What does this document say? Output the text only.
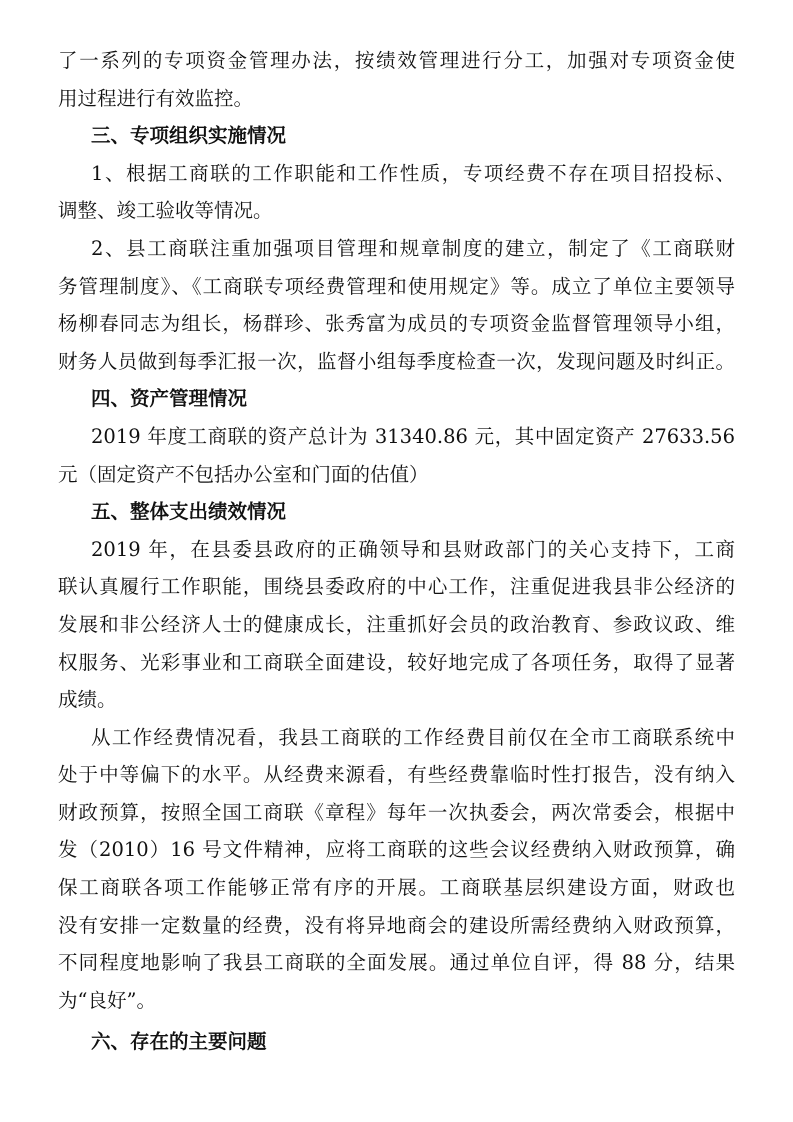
了一系列的专项资金管理办法，按绩效管理进行分工，加强对专项资金使
用过程进行有效监控。
三、专项组织实施情况
1、根据工商联的工作职能和工作性质，专项经费不存在项目招投标、
调整、竣工验收等情况。
2、县工商联注重加强项目管理和规章制度的建立，制定了《工商联财
务管理制度》、《工商联专项经费管理和使用规定》等。成立了单位主要领导
杨柳春同志为组长，杨群珍、张秀富为成员的专项资金监督管理领导小组，
财务人员做到每季汇报一次，监督小组每季度检查一次，发现问题及时纠正。
四、资产管理情况
2019 年度工商联的资产总计为 31340.86 元，其中固定资产 27633.56
元（固定资产不包括办公室和门面的估值）
五、整体支出绩效情况
2019 年，在县委县政府的正确领导和县财政部门的关心支持下，工商
联认真履行工作职能，围绕县委政府的中心工作，注重促进我县非公经济的
发展和非公经济人士的健康成长，注重抓好会员的政治教育、参政议政、维
权服务、光彩事业和工商联全面建设，较好地完成了各项任务，取得了显著
成绩。
从工作经费情况看，我县工商联的工作经费目前仅在全市工商联系统中
处于中等偏下的水平。从经费来源看，有些经费靠临时性打报告，没有纳入
财政预算，按照全国工商联《章程》每年一次执委会，两次常委会，根据中
发（2010）16 号文件精神，应将工商联的这些会议经费纳入财政预算，确
保工商联各项工作能够正常有序的开展。工商联基层织建设方面，财政也
没有安排一定数量的经费，没有将异地商会的建设所需经费纳入财政预算，
不同程度地影响了我县工商联的全面发展。通过单位自评，得 88 分，结果
为“良好”。
六、存在的主要问题
